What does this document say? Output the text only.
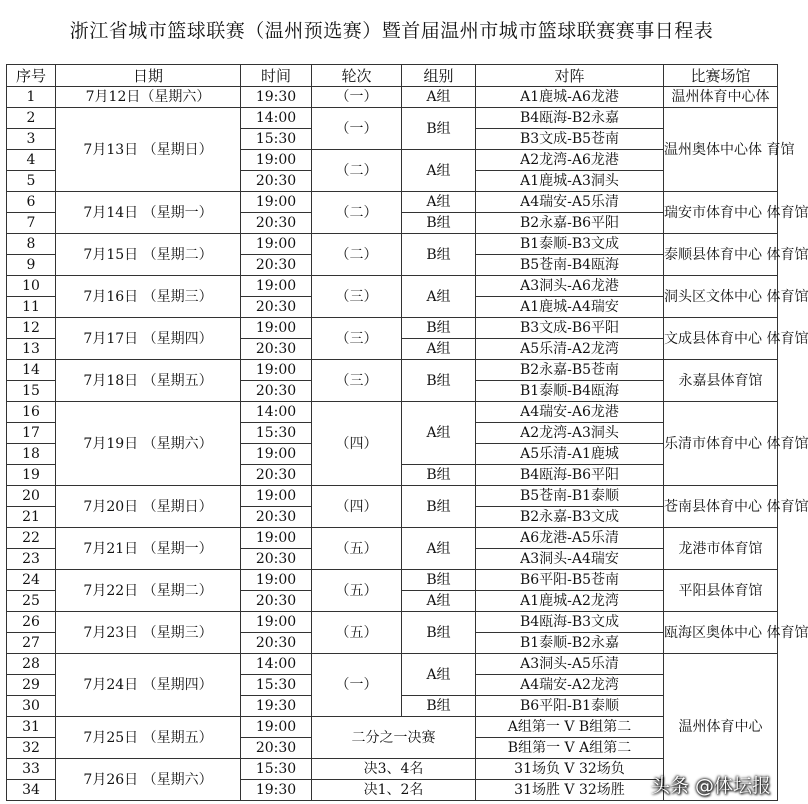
浙江省城市篮球联赛（温州预选赛）暨首届温州市城市篮球联赛赛事日程表
序号	日期	时间	轮次	组别	对阵	比赛场馆
1	7月12日（星期六）	19:30	（一）	A组	A1鹿城-A6龙港	温州体育中心体
2	7月13日 （星期日）	14:00	（一）	B组	B4瓯海-B2永嘉	温州奥体中心体 育馆
3		15:30			B3文成-B5苍南	
4		19:00	（二）	A组	A2龙湾-A6龙港	
5		20:30			A1鹿城-A3洞头	
6	7月14日 （星期一）	19:00	（二）	A组	A4瑞安-A5乐清	瑞安市体育中心 体育馆
7		20:30		B组	B2永嘉-B6平阳	
8	7月15日 （星期二）	19:00	（二）	B组	B1泰顺-B3文成	泰顺县体育中心 体育馆
9		20:30			B5苍南-B4瓯海	
10	7月16日 （星期三）	19:00	（三）	A组	A3洞头-A6龙港	洞头区文体中心 体育馆
11		20:30			A1鹿城-A4瑞安	
12	7月17日 （星期四）	19:00	（三）	B组	B3文成-B6平阳	文成县体育中心 体育馆
13		20:30		A组	A5乐清-A2龙湾	
14	7月18日 （星期五）	19:00	（三）	B组	B2永嘉-B5苍南	永嘉县体育馆
15		20:30			B1泰顺-B4瓯海	
16	7月19日 （星期六）	14:00	（四）	A组	A4瑞安-A6龙港	乐清市体育中心 体育馆
17		15:30			A2龙湾-A3洞头	
18		19:00			A5乐清-A1鹿城	
19		20:30		B组	B4瓯海-B6平阳	
20	7月20日 （星期日）	19:00	（四）	B组	B5苍南-B1泰顺	苍南县体育中心 体育馆
21		20:30			B2永嘉-B3文成	
22	7月21日 （星期一）	19:00	（五）	A组	A6龙港-A5乐清	龙港市体育馆
23		20:30			A3洞头-A4瑞安	
24	7月22日 （星期二）	19:00	（五）	B组	B6平阳-B5苍南	平阳县体育馆
25		20:30		A组	A1鹿城-A2龙湾	
26	7月23日 （星期三）	19:00	（五）	B组	B4瓯海-B3文成	瓯海区奥体中心 体育馆
27		20:30			B1泰顺-B2永嘉	
28	7月24日 （星期四）	14:00	（一）	A组	A3洞头-A5乐清	温州体育中心
29		15:30			A4瑞安-A2龙湾	
30		19:30		B组	B6平阳-B1泰顺	
31	7月25日 （星期五）	19:00	二分之一决赛		A组第一 V B组第二	
32		20:30			B组第一 V A组第二	
33	7月26日 （星期六）	15:30	决3、4名		31场负 V 32场负	
34		19:30	决1、2名		31场胜 V 32场胜	头条 @体坛报
